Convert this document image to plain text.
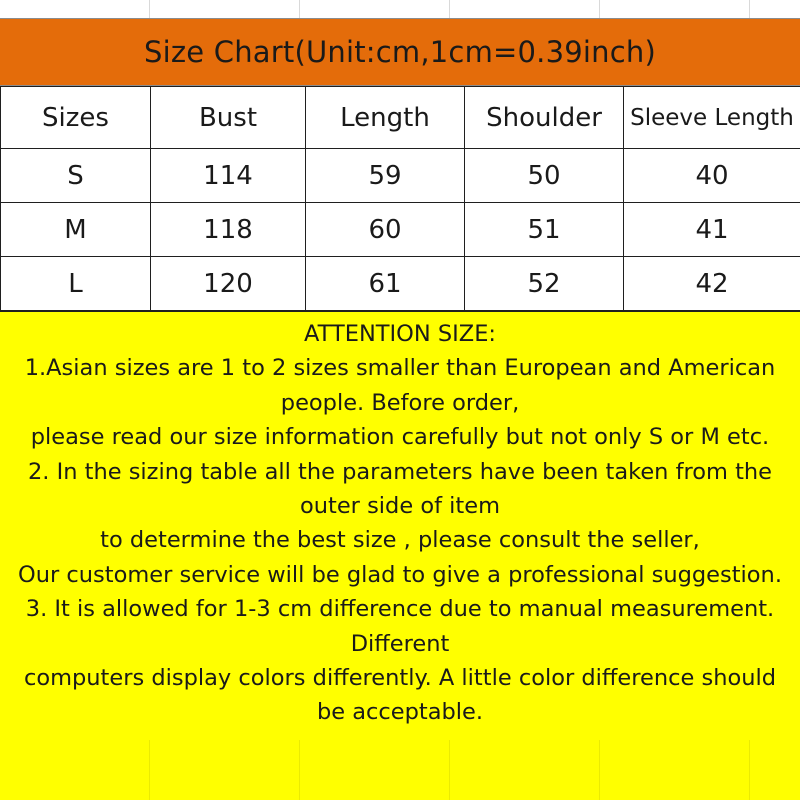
Size Chart(Unit:cm,1cm=0.39inch)
Sizes	Bust	Length	Shoulder	Sleeve Length
S	114	59	50	40
M	118	60	51	41
L	120	61	52	42
ATTENTION SIZE:
1.Asian sizes are 1 to 2 sizes smaller than European and American
people. Before order,
please read our size information carefully but not only S or M etc.
2. In the sizing table all the parameters have been taken from the
outer side of item
to determine the best size , please consult the seller,
Our customer service will be glad to give a professional suggestion.
3. It is allowed for 1-3 cm difference due to manual measurement.
Different
computers display colors differently. A little color difference should
be acceptable.
